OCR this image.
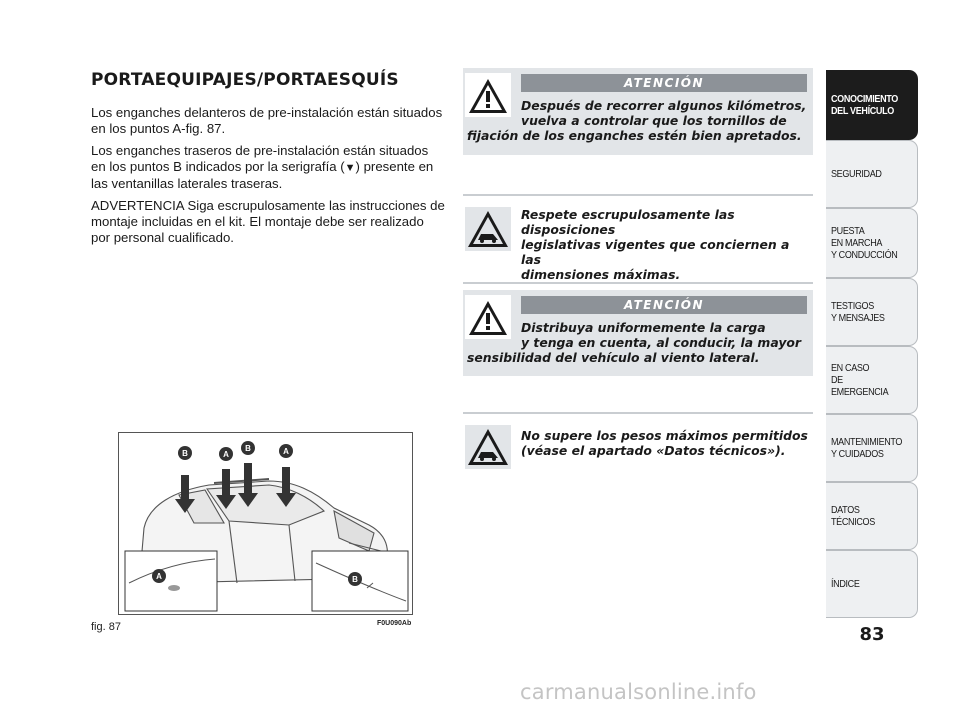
PORTAEQUIPAJES/PORTAESQUÍS

Los enganches delanteros de pre-instalación están situados en los puntos A-fig. 87.

Los enganches traseros de pre-instalación están situados en los puntos B indicados por la serigrafía (▼) presente en las ventanillas laterales traseras.

ADVERTENCIA Siga escrupulosamente las instrucciones de montaje incluidas en el kit. El montaje debe ser realizado por personal cualificado.

B	A
B	A
A	B
fig. 87	F0U090Ab
ATENCIÓN
Después de recorrer algunos kilómetros,
vuelva a controlar que los tornillos de
fijación de los enganches estén bien apretados.
Respete escrupulosamente las disposiciones
legislativas vigentes que conciernen a las
dimensiones máximas.
ATENCIÓN
Distribuya uniformemente la carga
y tenga en cuenta, al conducir, la mayor
sensibilidad del vehículo al viento lateral.
No supere los pesos máximos permitidos
(véase el apartado «Datos técnicos»).
CONOCIMIENTO
DEL VEHÍCULO
SEGURIDAD
PUESTA
EN MARCHA
Y CONDUCCIÓN
TESTIGOS
Y MENSAJES
EN CASO
DE EMERGENCIA
MANTENIMIENTO
Y CUIDADOS
DATOS TÉCNICOS
ÍNDICE
83
carmanualsonline.info
